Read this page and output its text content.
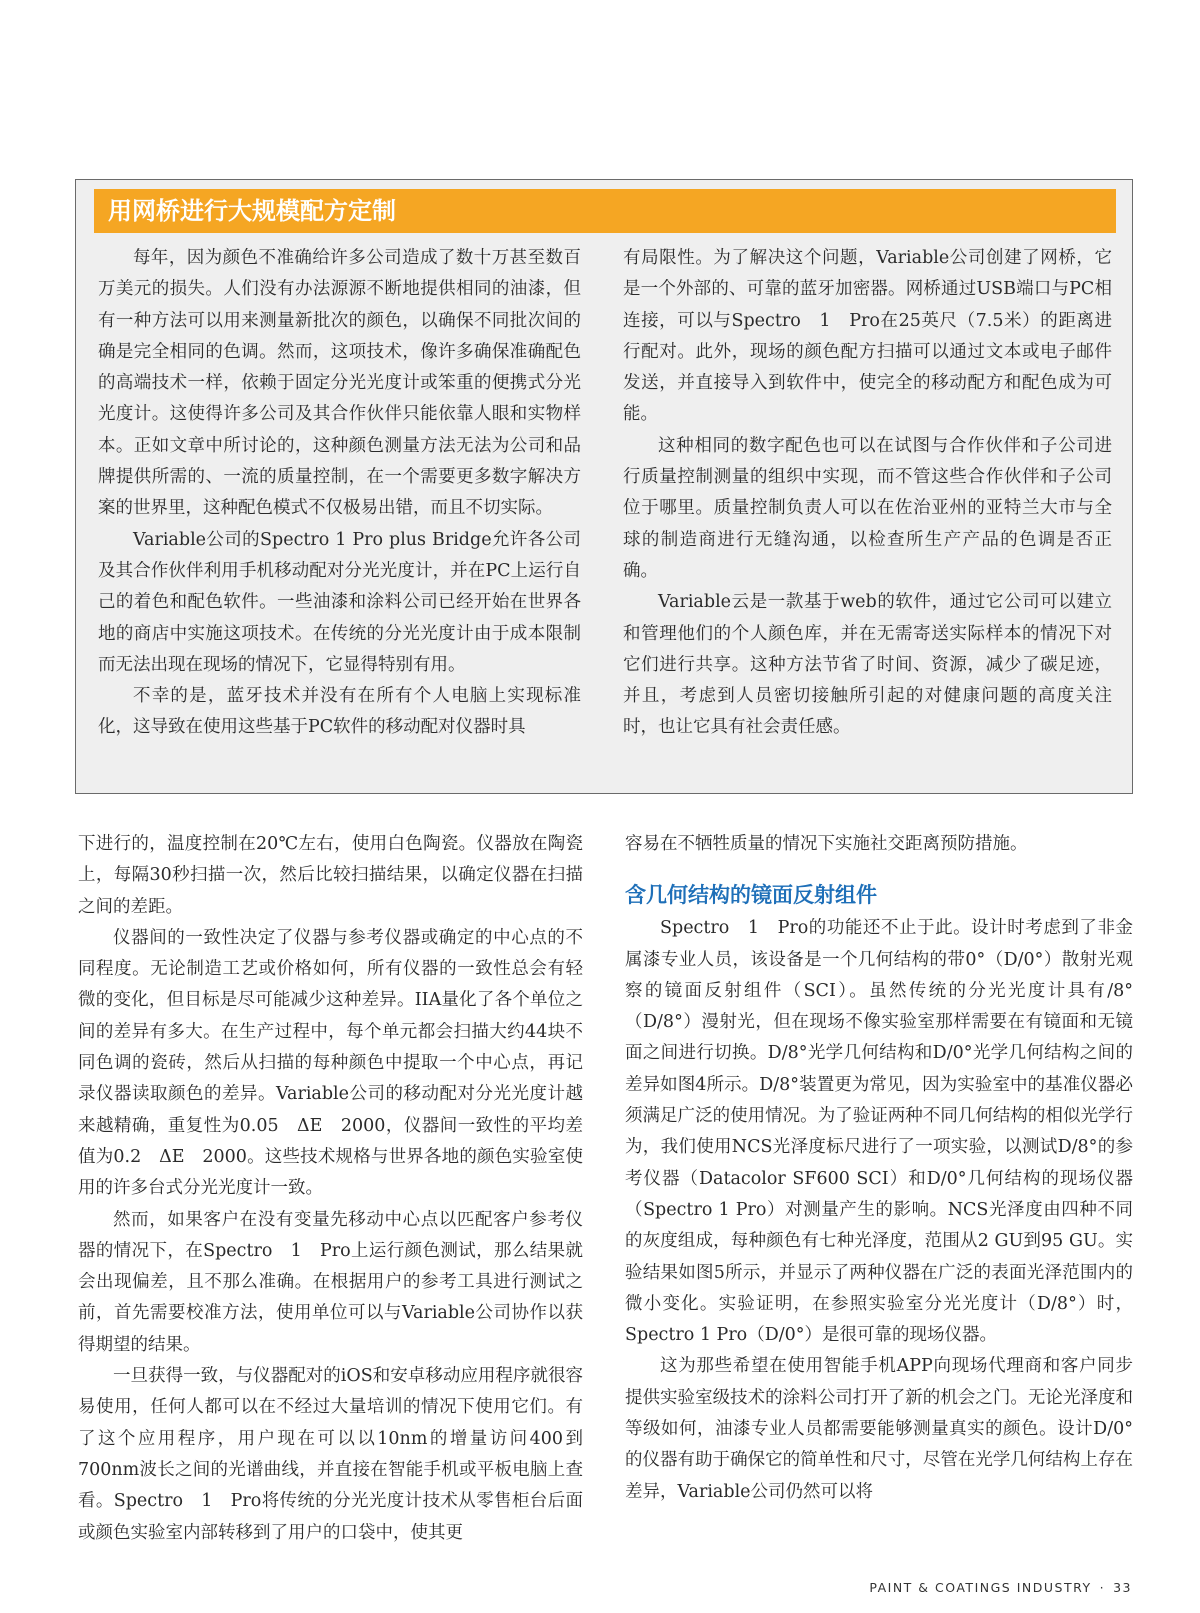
用网桥进行大规模配方定制

每年，因为颜色不准确给许多公司造成了数十万甚至数百万美元的损失。人们没有办法源源不断地提供相同的油漆，但有一种方法可以用来测量新批次的颜色，以确保不同批次间的确是完全相同的色调。然而，这项技术，像许多确保准确配色的高端技术一样，依赖于固定分光光度计或笨重的便携式分光光度计。这使得许多公司及其合作伙伴只能依靠人眼和实物样本。正如文章中所讨论的，这种颜色测量方法无法为公司和品牌提供所需的、一流的质量控制，在一个需要更多数字解决方案的世界里，这种配色模式不仅极易出错，而且不切实际。

Variable公司的Spectro 1 Pro plus Bridge允许各公司及其合作伙伴利用手机移动配对分光光度计，并在PC上运行自己的着色和配色软件。一些油漆和涂料公司已经开始在世界各地的商店中实施这项技术。在传统的分光光度计由于成本限制而无法出现在现场的情况下，它显得特别有用。

不幸的是，蓝牙技术并没有在所有个人电脑上实现标准化，这导致在使用这些基于PC软件的移动配对仪器时具

有局限性。为了解决这个问题，Variable公司创建了网桥，它是一个外部的、可靠的蓝牙加密器。网桥通过USB端口与PC相连接，可以与Spectro　1　Pro在25英尺（7.5米）的距离进行配对。此外，现场的颜色配方扫描可以通过文本或电子邮件发送，并直接导入到软件中，使完全的移动配方和配色成为可能。

这种相同的数字配色也可以在试图与合作伙伴和子公司进行质量控制测量的组织中实现，而不管这些合作伙伴和子公司位于哪里。质量控制负责人可以在佐治亚州的亚特兰大市与全球的制造商进行无缝沟通，以检查所生产产品的色调是否正确。

Variable云是一款基于web的软件，通过它公司可以建立和管理他们的个人颜色库，并在无需寄送实际样本的情况下对它们进行共享。这种方法节省了时间、资源，减少了碳足迹，并且，考虑到人员密切接触所引起的对健康问题的高度关注时，也让它具有社会责任感。

下进行的，温度控制在20℃左右，使用白色陶瓷。仪器放在陶瓷上，每隔30秒扫描一次，然后比较扫描结果，以确定仪器在扫描之间的差距。

仪器间的一致性决定了仪器与参考仪器或确定的中心点的不同程度。无论制造工艺或价格如何，所有仪器的一致性总会有轻微的变化，但目标是尽可能减少这种差异。IIA量化了各个单位之间的差异有多大。在生产过程中，每个单元都会扫描大约44块不同色调的瓷砖，然后从扫描的每种颜色中提取一个中心点，再记录仪器读取颜色的差异。Variable公司的移动配对分光光度计越来越精确，重复性为0.05　ΔE　2000，仪器间一致性的平均差值为0.2　ΔE　2000。这些技术规格与世界各地的颜色实验室使用的许多台式分光光度计一致。

然而，如果客户在没有变量先移动中心点以匹配客户参考仪器的情况下，在Spectro　1　Pro上运行颜色测试，那么结果就会出现偏差，且不那么准确。在根据用户的参考工具进行测试之前，首先需要校准方法，使用单位可以与Variable公司协作以获得期望的结果。

一旦获得一致，与仪器配对的iOS和安卓移动应用程序就很容易使用，任何人都可以在不经过大量培训的情况下使用它们。有了这个应用程序，用户现在可以以10nm的增量访问400到700nm波长之间的光谱曲线，并直接在智能手机或平板电脑上查看。Spectro　1　Pro将传统的分光光度计技术从零售柜台后面或颜色实验室内部转移到了用户的口袋中，使其更

容易在不牺牲质量的情况下实施社交距离预防措施。

含几何结构的镜面反射组件

Spectro　1　Pro的功能还不止于此。设计时考虑到了非金属漆专业人员，该设备是一个几何结构的带0°（D/0°）散射光观察的镜面反射组件（SCI）。虽然传统的分光光度计具有/8°（D/8°）漫射光，但在现场不像实验室那样需要在有镜面和无镜面之间进行切换。D/8°光学几何结构和D/0°光学几何结构之间的差异如图4所示。D/8°装置更为常见，因为实验室中的基准仪器必须满足广泛的使用情况。为了验证两种不同几何结构的相似光学行为，我们使用NCS光泽度标尺进行了一项实验，以测试D/8°的参考仪器（Datacolor SF600 SCI）和D/0°几何结构的现场仪器（Spectro 1 Pro）对测量产生的影响。NCS光泽度由四种不同的灰度组成，每种颜色有七种光泽度，范围从2 GU到95 GU。实验结果如图5所示，并显示了两种仪器在广泛的表面光泽范围内的微小变化。实验证明，在参照实验室分光光度计（D/8°）时，Spectro 1 Pro（D/0°）是很可靠的现场仪器。

这为那些希望在使用智能手机APP向现场代理商和客户同步提供实验室级技术的涂料公司打开了新的机会之门。无论光泽度和等级如何，油漆专业人员都需要能够测量真实的颜色。设计D/0°的仪器有助于确保它的简单性和尺寸，尽管在光学几何结构上存在差异，Variable公司仍然可以将

PAINT & COATINGS INDUSTRY · 33
